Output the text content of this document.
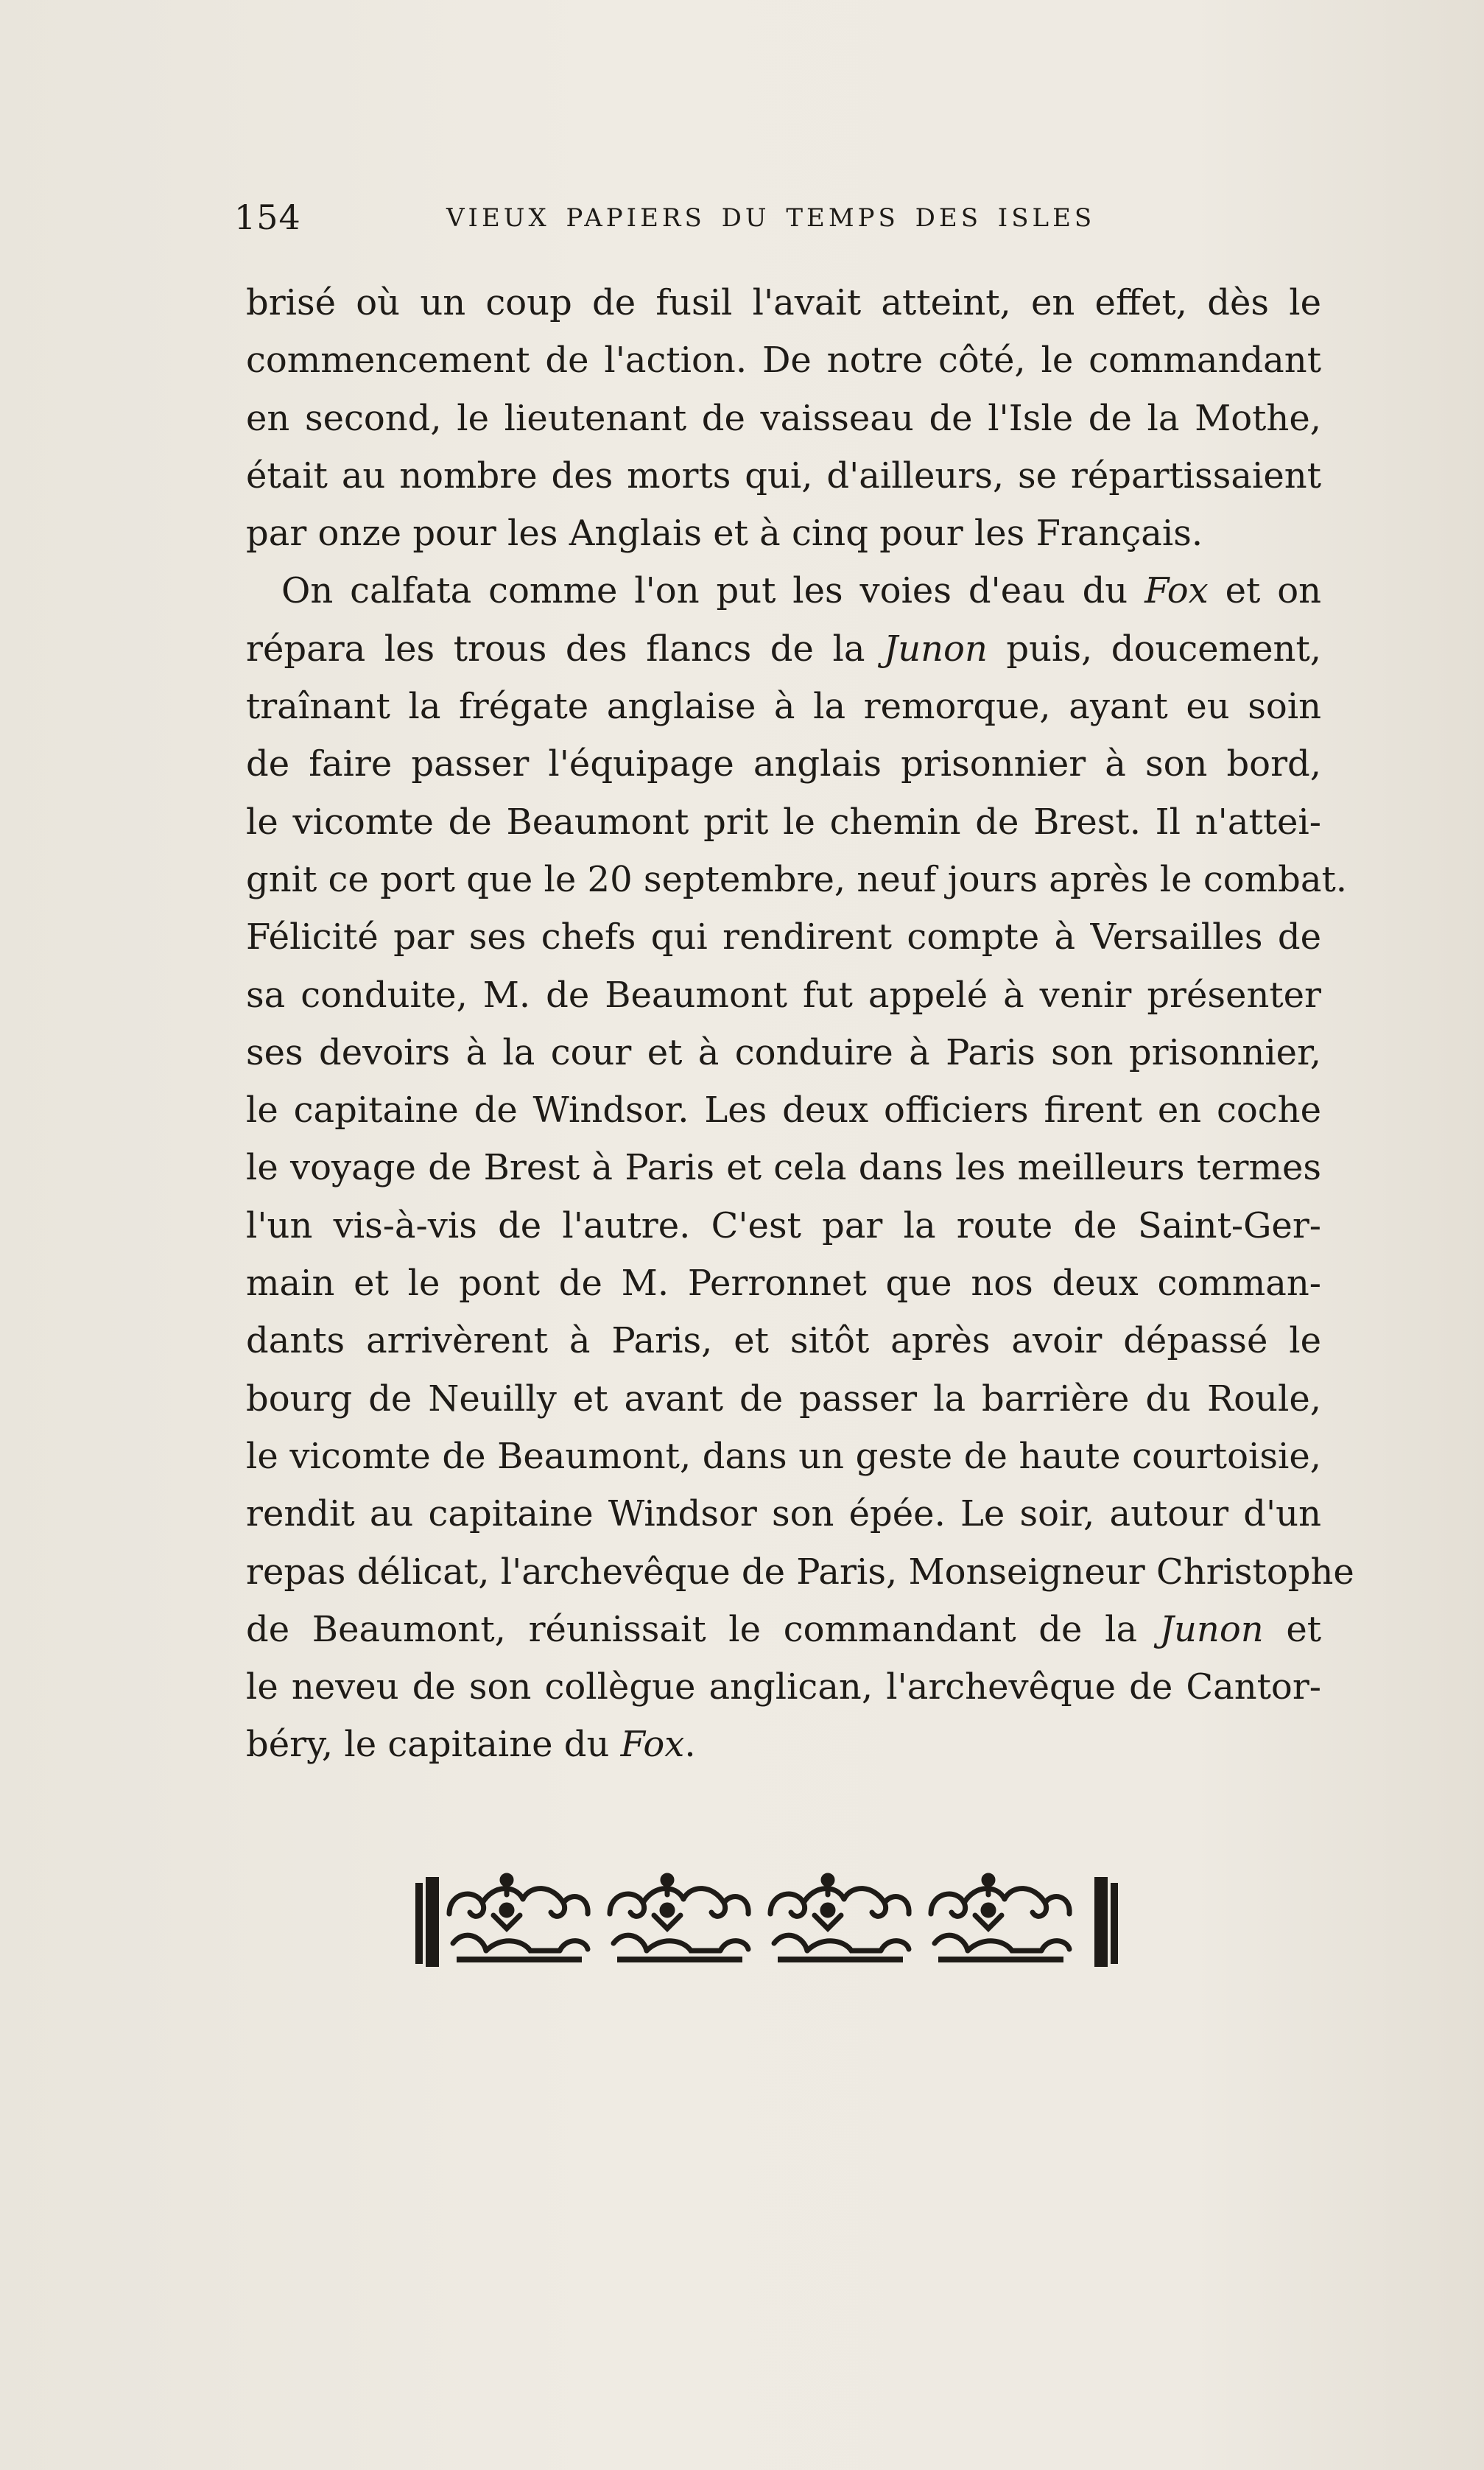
154	VIEUX PAPIERS DU TEMPS DES ISLES
brisé où un coup de fusil l'avait atteint, en effet, dès le
commencement de l'action. De notre côté, le commandant
en second, le lieutenant de vaisseau de l'Isle de la Mothe,
était au nombre des morts qui, d'ailleurs, se répartissaient
par onze pour les Anglais et à cinq pour les Français.
On calfata comme l'on put les voies d'eau du Fox et on
répara les trous des flancs de la Junon puis, doucement,
traînant la frégate anglaise à la remorque, ayant eu soin
de faire passer l'équipage anglais prisonnier à son bord,
le vicomte de Beaumont prit le chemin de Brest. Il n'attei-
gnit ce port que le 20 septembre, neuf jours après le combat.
Félicité par ses chefs qui rendirent compte à Versailles de
sa conduite, M. de Beaumont fut appelé à venir présenter
ses devoirs à la cour et à conduire à Paris son prisonnier,
le capitaine de Windsor. Les deux officiers firent en coche
le voyage de Brest à Paris et cela dans les meilleurs termes
l'un vis-à-vis de l'autre. C'est par la route de Saint-Ger-
main et le pont de M. Perronnet que nos deux comman-
dants arrivèrent à Paris, et sitôt après avoir dépassé le
bourg de Neuilly et avant de passer la barrière du Roule,
le vicomte de Beaumont, dans un geste de haute courtoisie,
rendit au capitaine Windsor son épée. Le soir, autour d'un
repas délicat, l'archevêque de Paris, Monseigneur Christophe
de Beaumont, réunissait le commandant de la Junon et
le neveu de son collègue anglican, l'archevêque de Cantor-
béry, le capitaine du Fox.
